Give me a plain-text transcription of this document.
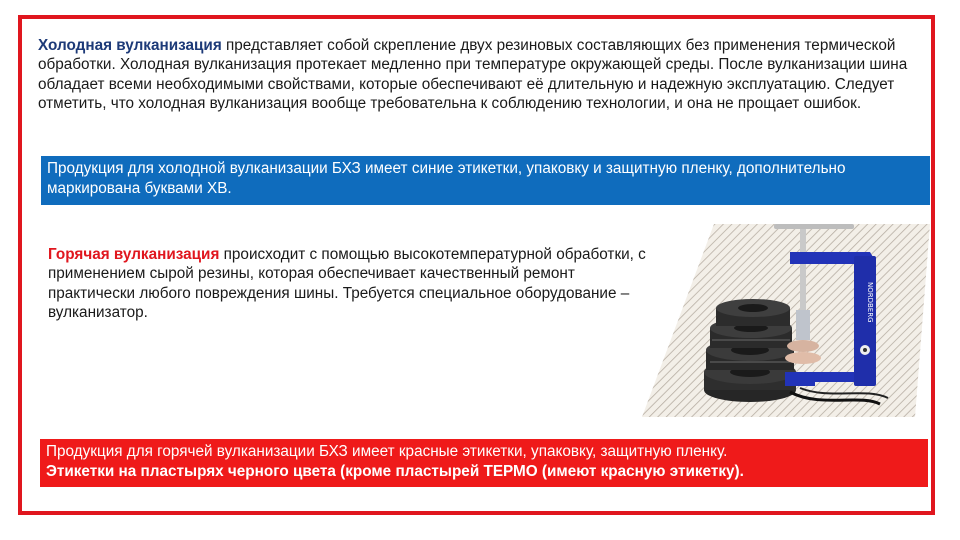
Холодная вулканизация представляет собой скрепление двух резиновых составляющих без применения термической обработки. Холодная вулканизация протекает медленно при температуре окружающей среды. После вулканизации шина обладает всеми необходимыми свойствами, которые обеспечивают её длительную и надежную эксплуатацию. Следует отметить, что холодная вулканизация вообще требовательна к соблюдению технологии, и она не прощает ошибок.

Продукция для холодной вулканизации БХЗ имеет синие этикетки, упаковку и защитную пленку, дополнительно маркирована буквами ХВ.

Горячая вулканизация происходит с помощью высокотемпературной обработки, с применением сырой резины, которая обеспечивает качественный ремонт практически любого повреждения шины. Требуется специальное оборудование – вулканизатор.	NORDBERG
Продукция для горячей вулканизации БХЗ имеет красные этикетки, упаковку, защитную пленку.
Этикетки на пластырях черного цвета (кроме пластырей ТЕРМО (имеют красную этикетку).
